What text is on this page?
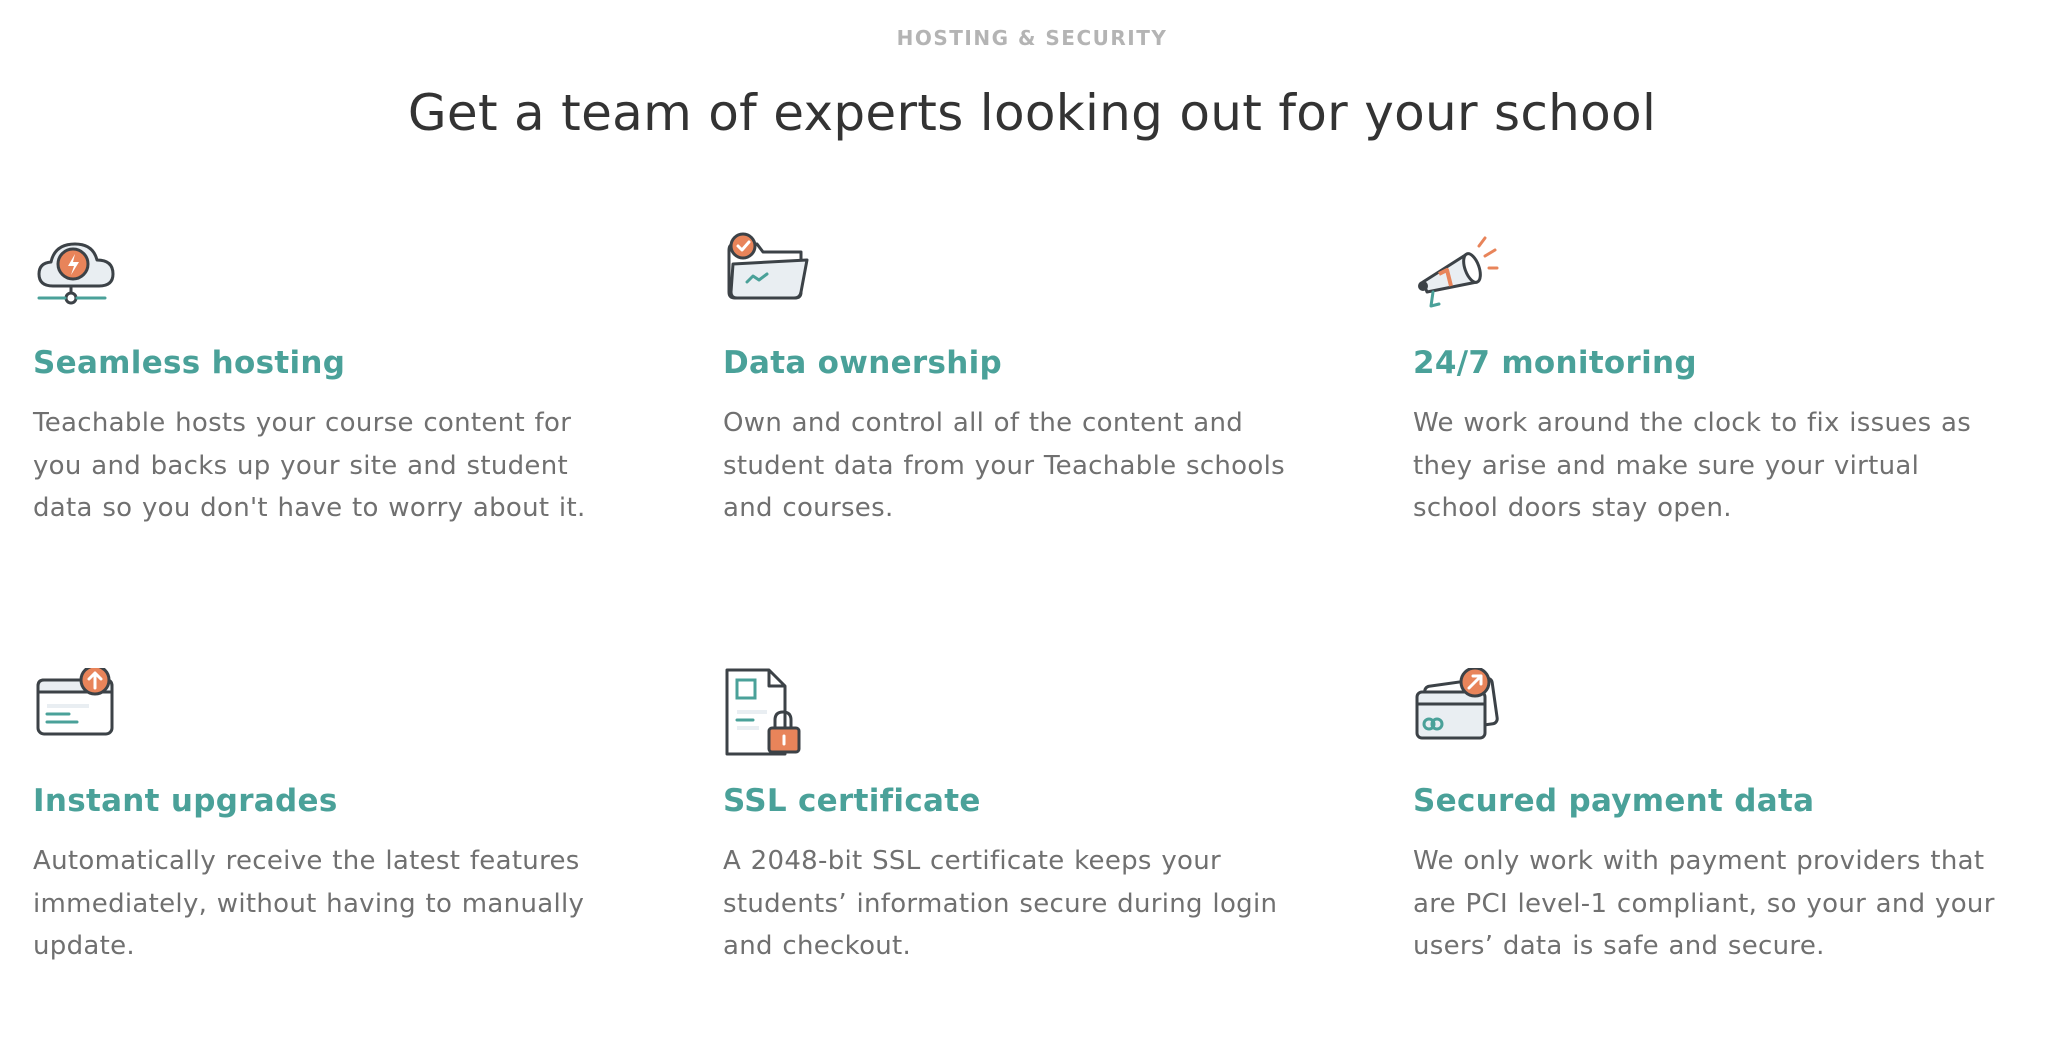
HOSTING & SECURITY
Get a team of experts looking out for your school
Seamless hosting
Teachable hosts your course content for
you and backs up your site and student
data so you don't have to worry about it.
Data ownership
Own and control all of the content and
student data from your Teachable schools
and courses.
24/7 monitoring
We work around the clock to fix issues as
they arise and make sure your virtual
school doors stay open.
Instant upgrades
Automatically receive the latest features
immediately, without having to manually
update.
SSL certificate
A 2048-bit SSL certificate keeps your
students’ information secure during login
and checkout.
Secured payment data
We only work with payment providers that
are PCI level-1 compliant, so your and your
users’ data is safe and secure.
